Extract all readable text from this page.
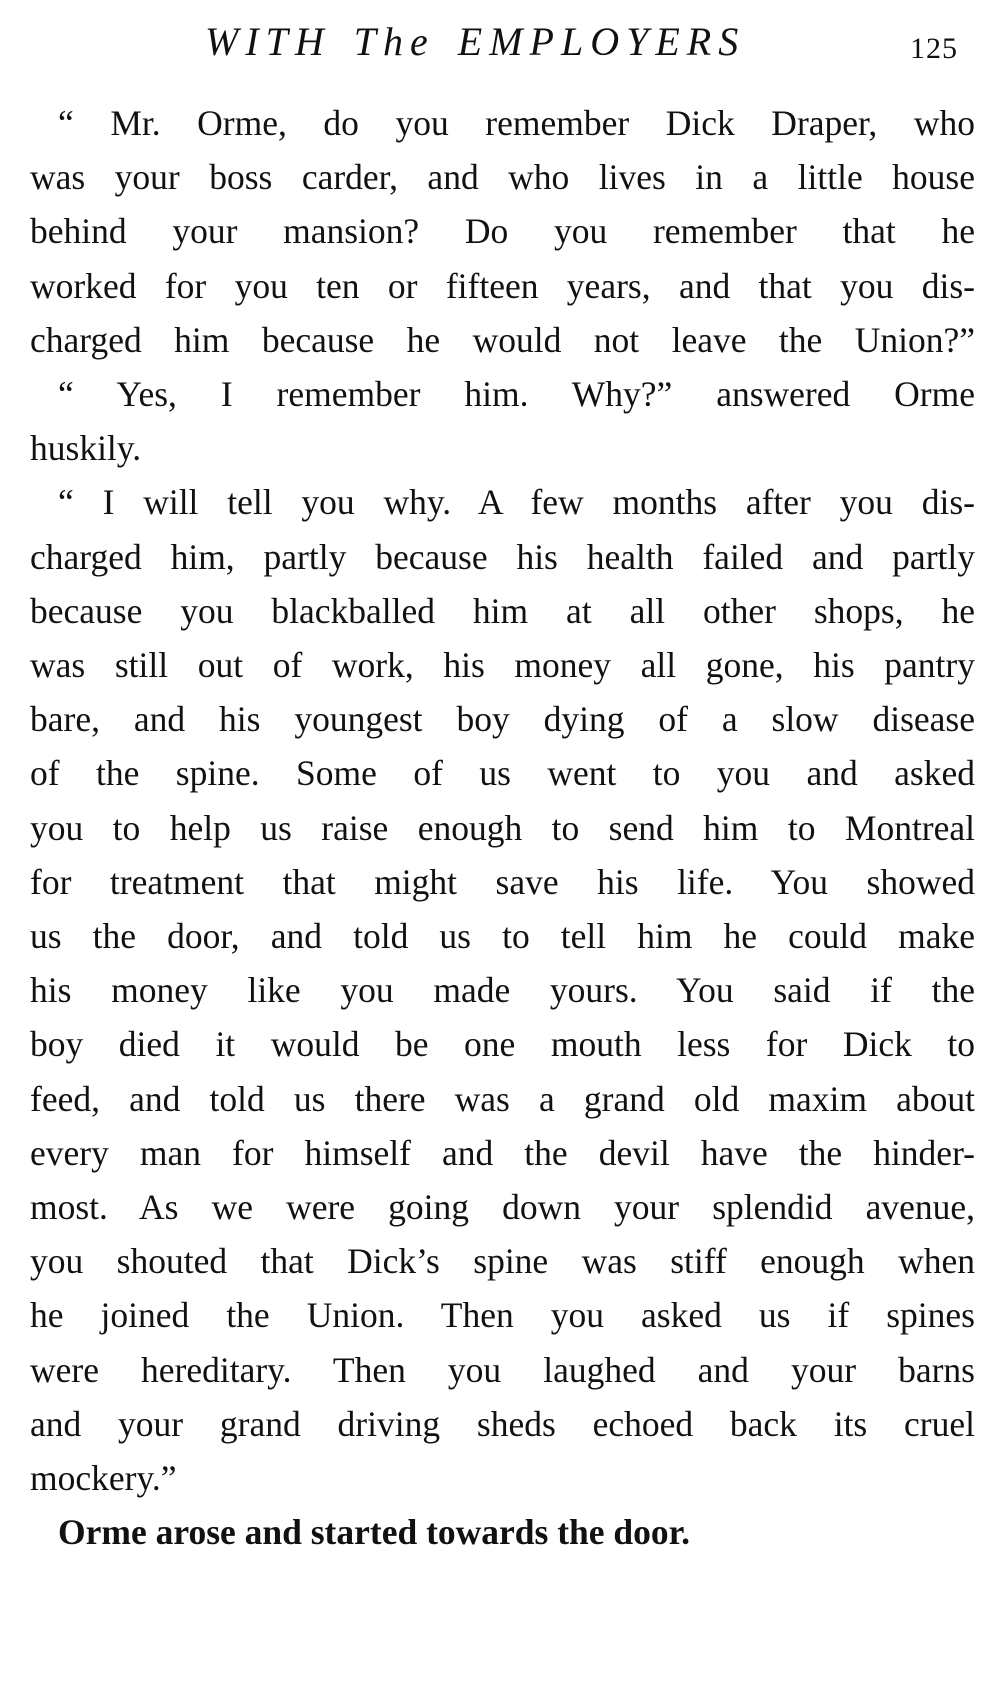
WITH The EMPLOYERS	125
“ Mr. Orme, do you remember Dick Draper, who
was your boss carder, and who lives in a little house
behind your mansion? Do you remember that he
worked for you ten or fifteen years, and that you dis-
charged him because he would not leave the Union?”
“ Yes, I remember him. Why?” answered Orme
huskily.
“ I will tell you why. A few months after you dis-
charged him, partly because his health failed and partly
because you blackballed him at all other shops, he
was still out of work, his money all gone, his pantry
bare, and his youngest boy dying of a slow disease
of the spine. Some of us went to you and asked
you to help us raise enough to send him to Montreal
for treatment that might save his life. You showed
us the door, and told us to tell him he could make
his money like you made yours. You said if the
boy died it would be one mouth less for Dick to
feed, and told us there was a grand old maxim about
every man for himself and the devil have the hinder-
most. As we were going down your splendid avenue,
you shouted that Dick’s spine was stiff enough when
he joined the Union. Then you asked us if spines
were hereditary. Then you laughed and your barns
and your grand driving sheds echoed back its cruel
mockery.”
Orme arose and started towards the door.
